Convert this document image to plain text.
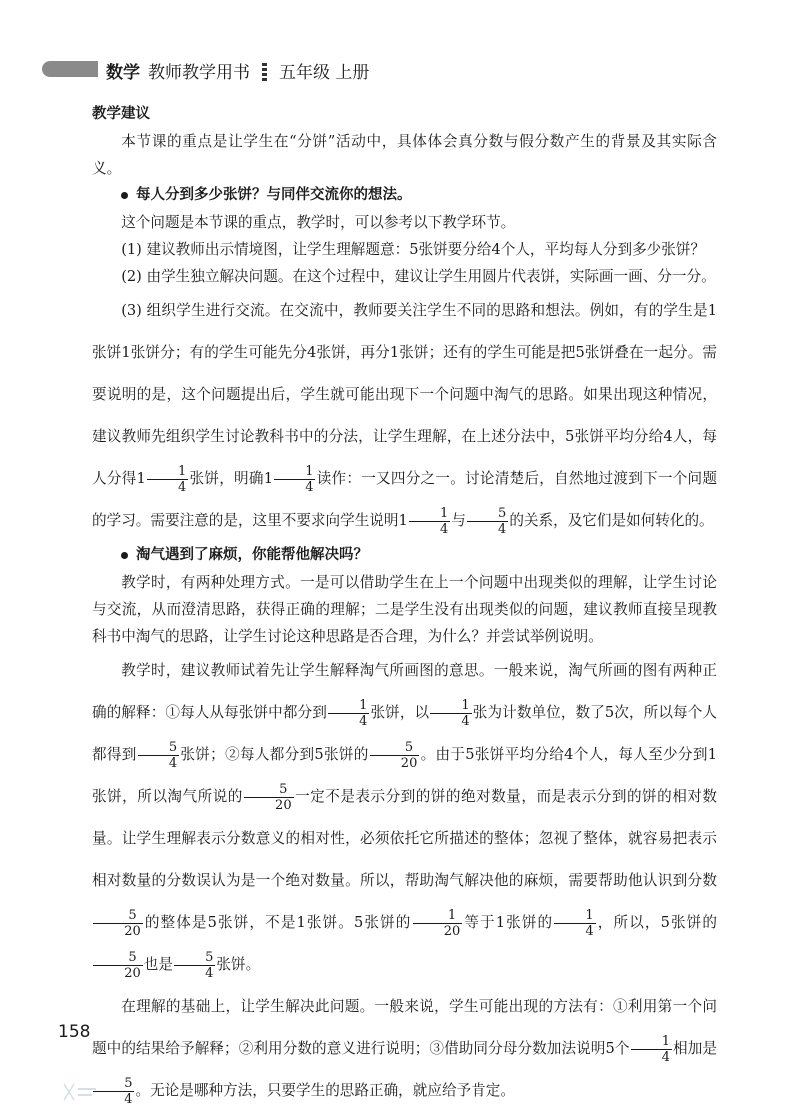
数学 教师教学用书 五年级 上册

教学建议

本节课的重点是让学生在“分饼”活动中，具体体会真分数与假分数产生的背景及其实际含义。

每人分到多少张饼？与同伴交流你的想法。

这个问题是本节课的重点，教学时，可以参考以下教学环节。

(1) 建议教师出示情境图，让学生理解题意：5张饼要分给4个人，平均每人分到多少张饼？

(2) 由学生独立解决问题。在这个过程中，建议让学生用圆片代表饼，实际画一画、分一分。

(3) 组织学生进行交流。在交流中，教师要关注学生不同的思路和想法。例如，有的学生是1张饼1张饼分；有的学生可能先分4张饼，再分1张饼；还有的学生可能是把5张饼叠在一起分。需要说明的是，这个问题提出后，学生就可能出现下一个问题中淘气的思路。如果出现这种情况，建议教师先组织学生讨论教科书中的分法，让学生理解，在上述分法中，5张饼平均分给4人，每人分得$1 \frac{1}{4}$ 张饼，明确$1 \frac{1}{4}$ 读作：一又四分之一。讨论清楚后，自然地过渡到下一个问题的学习。需要注意的是，这里不要求向学生说明$1 \frac{1}{4}$ 与 $\frac{5}{4}$ 的关系，及它们是如何转化的。

淘气遇到了麻烦，你能帮他解决吗？

教学时，有两种处理方式。一是可以借助学生在上一个问题中出现类似的理解，让学生讨论与交流，从而澄清思路，获得正确的理解；二是学生没有出现类似的问题，建议教师直接呈现教科书中淘气的思路，让学生讨论这种思路是否合理，为什么？并尝试举例说明。

教学时，建议教师试着先让学生解释淘气所画图的意思。一般来说，淘气所画的图有两种正确的解释：①每人从每张饼中都分到 $\frac{1}{4}$ 张饼，以 $\frac{1}{4}$ 张为计数单位，数了5次，所以每个人都得到 $\frac{5}{4}$ 张饼；②每人都分到5张饼的 $\frac{5}{20}$ 。由于5张饼平均分给4个人，每人至少分到1张饼，所以淘气所说的 $\frac{5}{20}$ 一定不是表示分到的饼的绝对数量，而是表示分到的饼的相对数量。让学生理解表示分数意义的相对性，必须依托它所描述的整体；忽视了整体，就容易把表示相对数量的分数误认为是一个绝对数量。所以，帮助淘气解决他的麻烦，需要帮助他认识到分数
$\frac{5}{20}$ 的整体是5张饼，不是1张饼。5张饼的 $\frac{1}{20}$ 等于1张饼的 $\frac{1}{4}$ ，所以，5张饼的
$\frac{5}{20}$ 也是 $\frac{5}{4}$ 张饼。

在理解的基础上，让学生解决此问题。一般来说，学生可能出现的方法有：①利用第一个问题中的结果给予解释；②利用分数的意义进行说明；③借助同分母分数加法说明5个 $\frac{1}{4}$ 相加是
$\frac{5}{4}$ 。无论是哪种方法，只要学生的思路正确，就应给予肯定。

158
